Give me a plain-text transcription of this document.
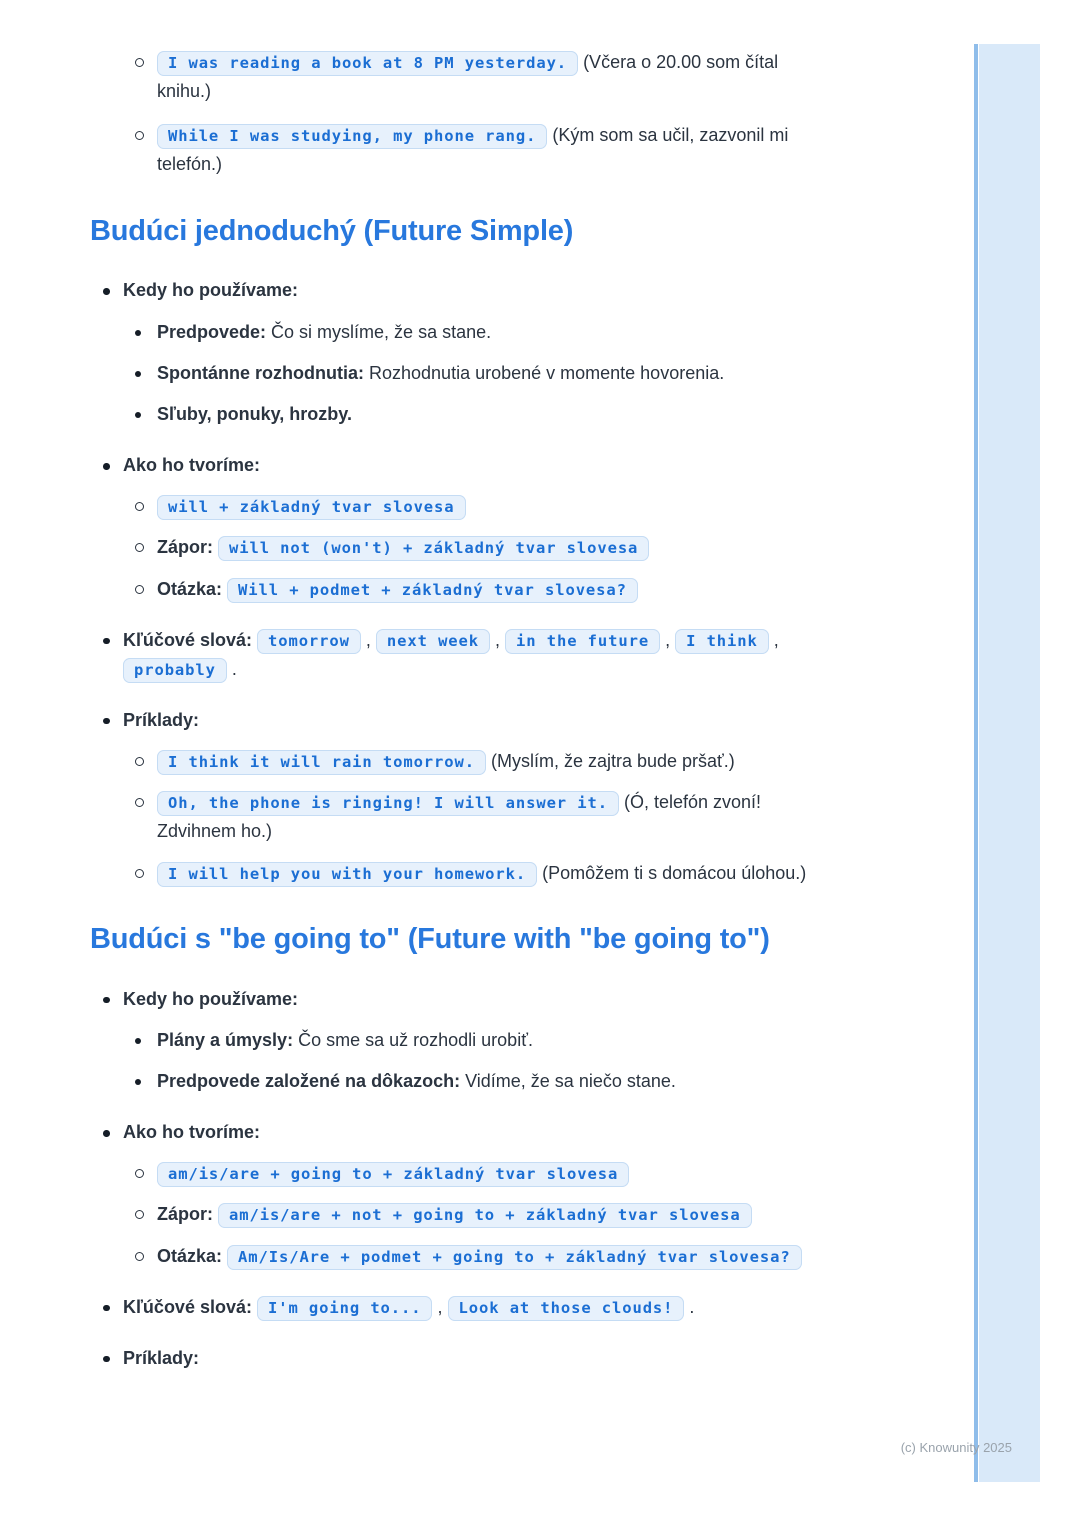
(c) Knowunity 2025
I was reading a book at 8 PM yesterday. (Včera o 20.00 som čítal knihu.)
While I was studying, my phone rang. (Kým som sa učil, zazvonil mi telefón.)
Budúci jednoduchý (Future Simple)
Kedy ho používame:
Predpovede: Čo si myslíme, že sa stane.
Spontánne rozhodnutia: Rozhodnutia urobené v momente hovorenia.
Sľuby, ponuky, hrozby.
Ako ho tvoríme:
will + základný tvar slovesa
Zápor: will not (won't) + základný tvar slovesa
Otázka: Will + podmet + základný tvar slovesa?
Kľúčové slová: tomorrow , next week , in the future , I think , probably .
Príklady:
I think it will rain tomorrow. (Myslím, že zajtra bude pršať.)
Oh, the phone is ringing! I will answer it. (Ó, telefón zvoní! Zdvihnem ho.)
I will help you with your homework. (Pomôžem ti s domácou úlohou.)
Budúci s "be going to" (Future with "be going to")
Kedy ho používame:
Plány a úmysly: Čo sme sa už rozhodli urobiť.
Predpovede založené na dôkazoch: Vidíme, že sa niečo stane.
Ako ho tvoríme:
am/is/are + going to + základný tvar slovesa
Zápor: am/is/are + not + going to + základný tvar slovesa
Otázka: Am/Is/Are + podmet + going to + základný tvar slovesa?
Kľúčové slová: I'm going to... , Look at those clouds! .
Príklady:
